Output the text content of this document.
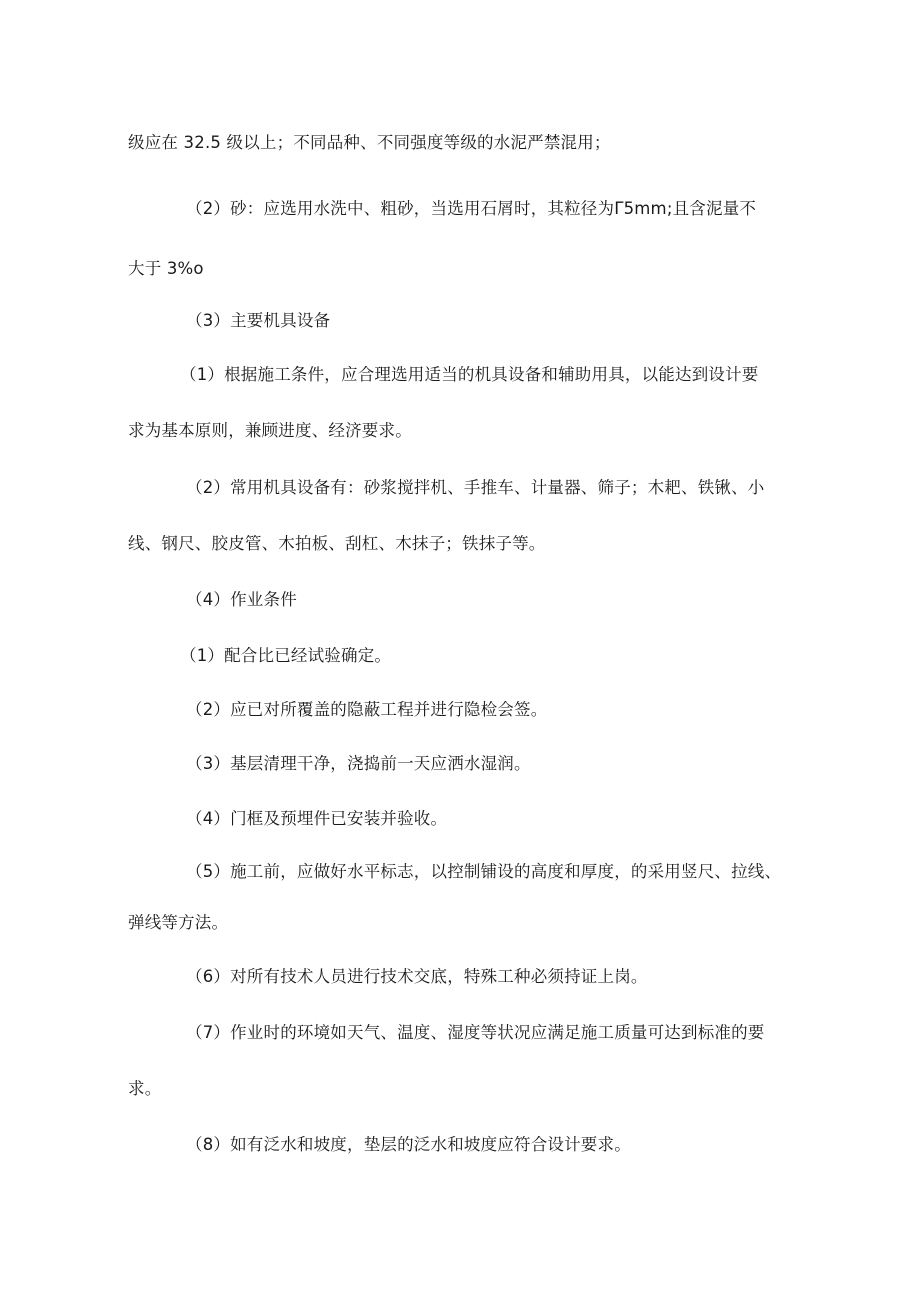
级应在 32.5 级以上；不同品种、不同强度等级的水泥严禁混用；
（2）砂：应选用水洗中、粗砂，当选用石屑时，其粒径为Γ5mm;且含泥量不
大于 3%o
（3）主要机具设备
（1）根据施工条件，应合理选用适当的机具设备和辅助用具，以能达到设计要
求为基本原则，兼顾进度、经济要求。
（2）常用机具设备有：砂浆搅拌机、手推车、计量器、筛子；木耙、铁锹、小
线、钢尺、胶皮管、木拍板、刮杠、木抹子；铁抹子等。
（4）作业条件
（1）配合比已经试验确定。
（2）应已对所覆盖的隐蔽工程并进行隐检会签。
（3）基层清理干净，浇捣前一天应洒水湿润。
（4）门框及预埋件已安装并验收。
（5）施工前，应做好水平标志，以控制铺设的高度和厚度，的采用竖尺、拉线、
弹线等方法。
（6）对所有技术人员进行技术交底，特殊工种必须持证上岗。
（7）作业时的环境如天气、温度、湿度等状况应满足施工质量可达到标准的要
求。
（8）如有泛水和坡度，垫层的泛水和坡度应符合设计要求。
